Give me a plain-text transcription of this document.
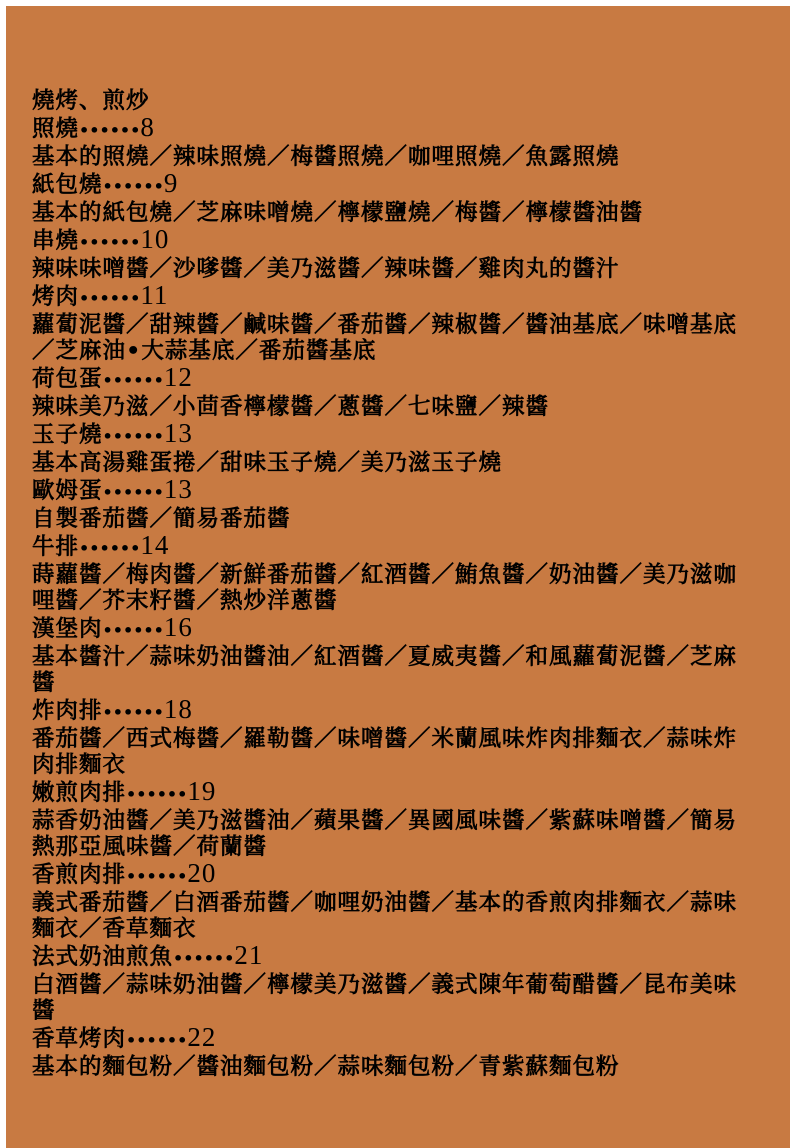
燒烤、煎炒
照燒••••••8
基本的照燒／辣味照燒／梅醬照燒／咖哩照燒／魚露照燒
紙包燒••••••9
基本的紙包燒／芝麻味噌燒／檸檬鹽燒／梅醬／檸檬醬油醬
串燒••••••10
辣味味噌醬／沙嗲醬／美乃滋醬／辣味醬／雞肉丸的醬汁
烤肉••••••11
蘿蔔泥醬／甜辣醬／鹹味醬／番茄醬／辣椒醬／醬油基底／味噌基底／芝麻油•大蒜基底／番茄醬基底
荷包蛋••••••12
辣味美乃滋／小茴香檸檬醬／蔥醬／七味鹽／辣醬
玉子燒••••••13
基本高湯雞蛋捲／甜味玉子燒／美乃滋玉子燒
歐姆蛋••••••13
自製番茄醬／簡易番茄醬
牛排••••••14
蒔蘿醬／梅肉醬／新鮮番茄醬／紅酒醬／鮪魚醬／奶油醬／美乃滋咖哩醬／芥末籽醬／熱炒洋蔥醬
漢堡肉••••••16
基本醬汁／蒜味奶油醬油／紅酒醬／夏威夷醬／和風蘿蔔泥醬／芝麻醬
炸肉排••••••18
番茄醬／西式梅醬／羅勒醬／味噌醬／米蘭風味炸肉排麵衣／蒜味炸肉排麵衣
嫩煎肉排••••••19
蒜香奶油醬／美乃滋醬油／蘋果醬／異國風味醬／紫蘇味噌醬／簡易熱那亞風味醬／荷蘭醬
香煎肉排••••••20
義式番茄醬／白酒番茄醬／咖哩奶油醬／基本的香煎肉排麵衣／蒜味麵衣／香草麵衣
法式奶油煎魚••••••21
白酒醬／蒜味奶油醬／檸檬美乃滋醬／義式陳年葡萄醋醬／昆布美味醬
香草烤肉••••••22
基本的麵包粉／醬油麵包粉／蒜味麵包粉／青紫蘇麵包粉
